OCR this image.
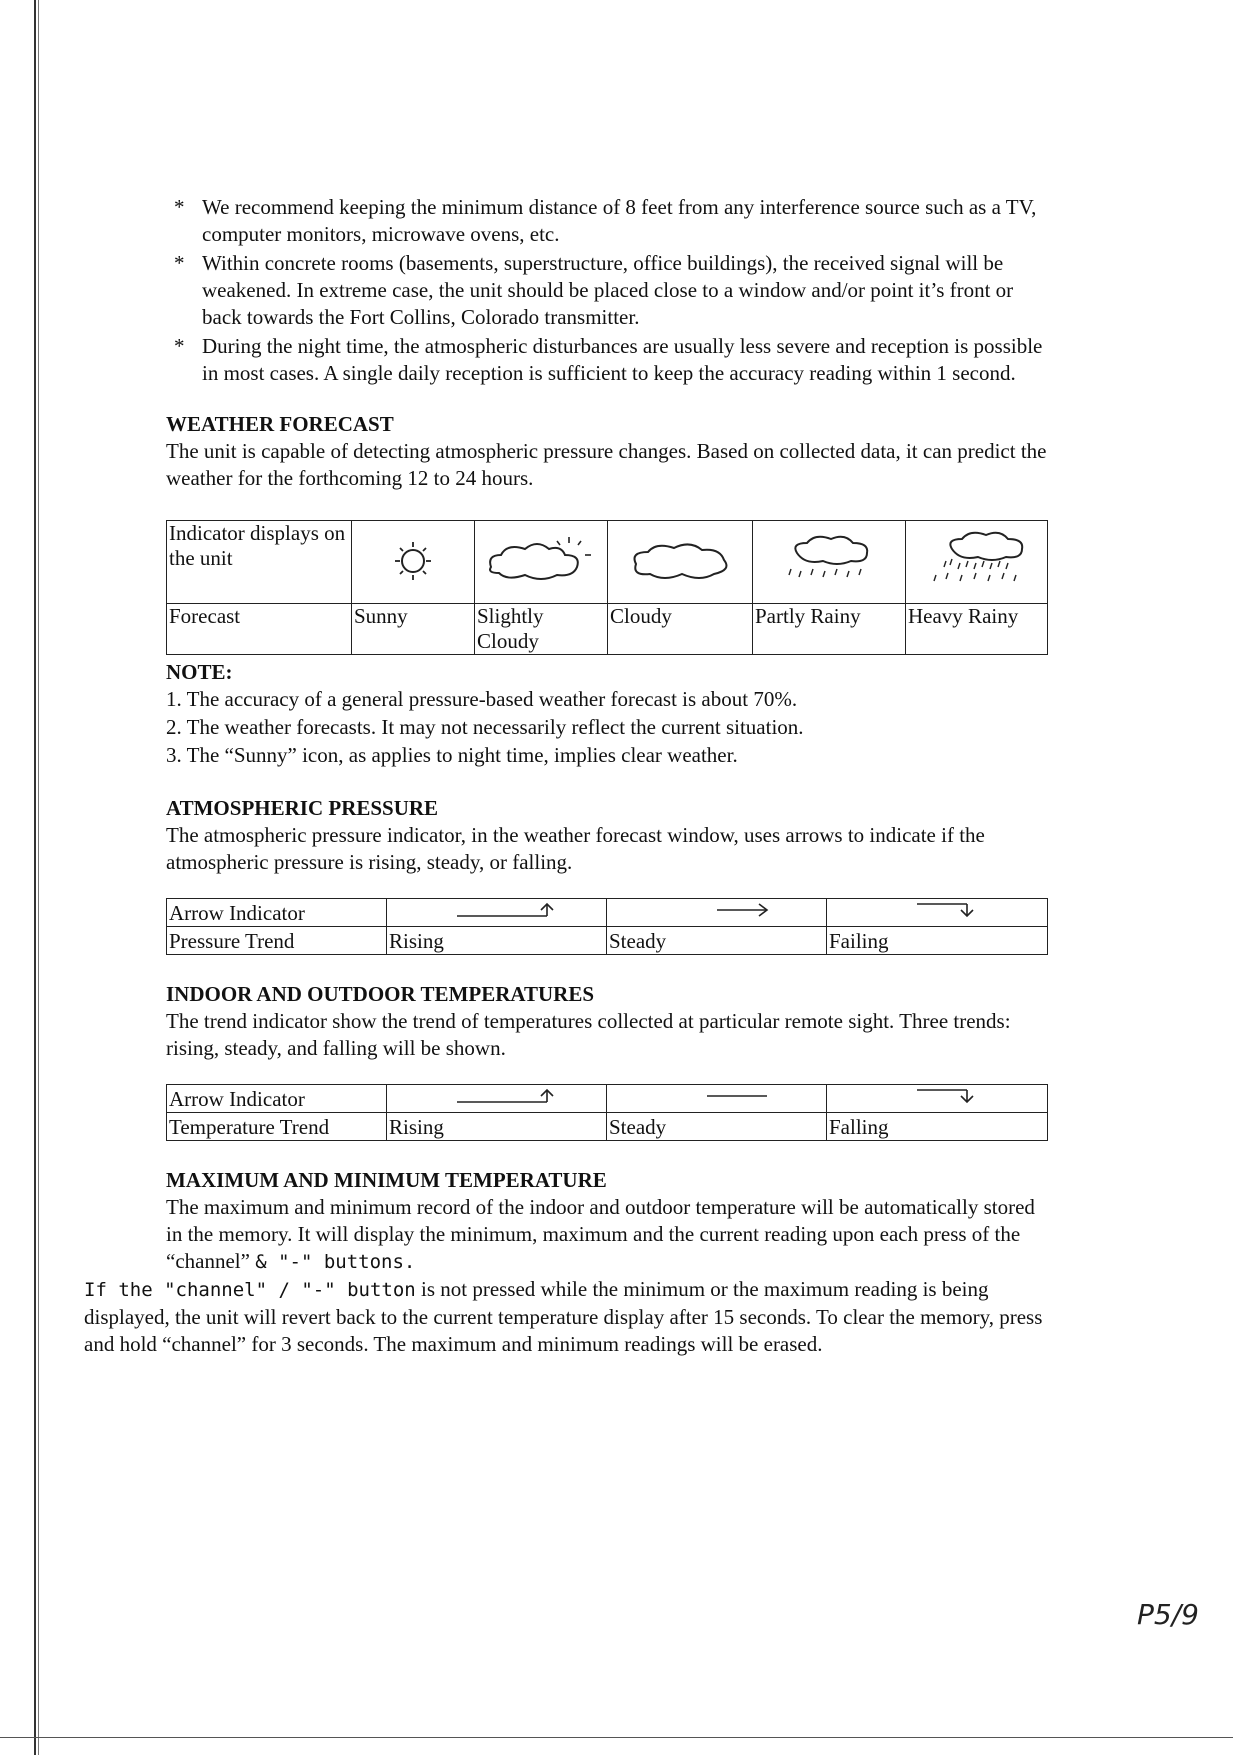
* We recommend keeping the minimum distance of 8 feet from any interference source such as a TV, computer monitors, microwave ovens, etc.

* Within concrete rooms (basements, superstructure, office buildings), the received signal will be weakened. In extreme case, the unit should be placed close to a window and/or point it’s front or back towards the Fort Collins, Colorado transmitter.

* During the night time, the atmospheric disturbances are usually less severe and reception is possible in most cases. A single daily reception is sufficient to keep the accuracy reading within 1 second.

WEATHER FORECAST

The unit is capable of detecting atmospheric pressure changes. Based on collected data, it can predict the weather for the forthcoming 12 to 24 hours.

Indicator displays on the unit					
Forecast	Sunny	Slightly Cloudy	Cloudy	Partly Rainy	Heavy Rainy
NOTE:

1. The accuracy of a general pressure-based weather forecast is about 70%.

2. The weather forecasts. It may not necessarily reflect the current situation.

3. The “Sunny” icon, as applies to night time, implies clear weather.

ATMOSPHERIC PRESSURE

The atmospheric pressure indicator, in the weather forecast window, uses arrows to indicate if the atmospheric pressure is rising, steady, or falling.

Arrow Indicator			
Pressure Trend	Rising	Steady	Failing
INDOOR AND OUTDOOR TEMPERATURES

The trend indicator show the trend of temperatures collected at particular remote sight. Three trends: rising, steady, and falling will be shown.

Arrow Indicator			
Temperature Trend	Rising	Steady	Falling
MAXIMUM AND MINIMUM TEMPERATURE

The maximum and minimum record of the indoor and outdoor temperature will be automatically stored in the memory. It will display the minimum, maximum and the current reading upon each press of the “channel” & "-" buttons.

If the "channel" / "-" button is not pressed while the minimum or the maximum reading is being displayed, the unit will revert back to the current temperature display after 15 seconds. To clear the memory, press and hold “channel” for 3 seconds. The maximum and minimum readings will be erased.

P5/9
